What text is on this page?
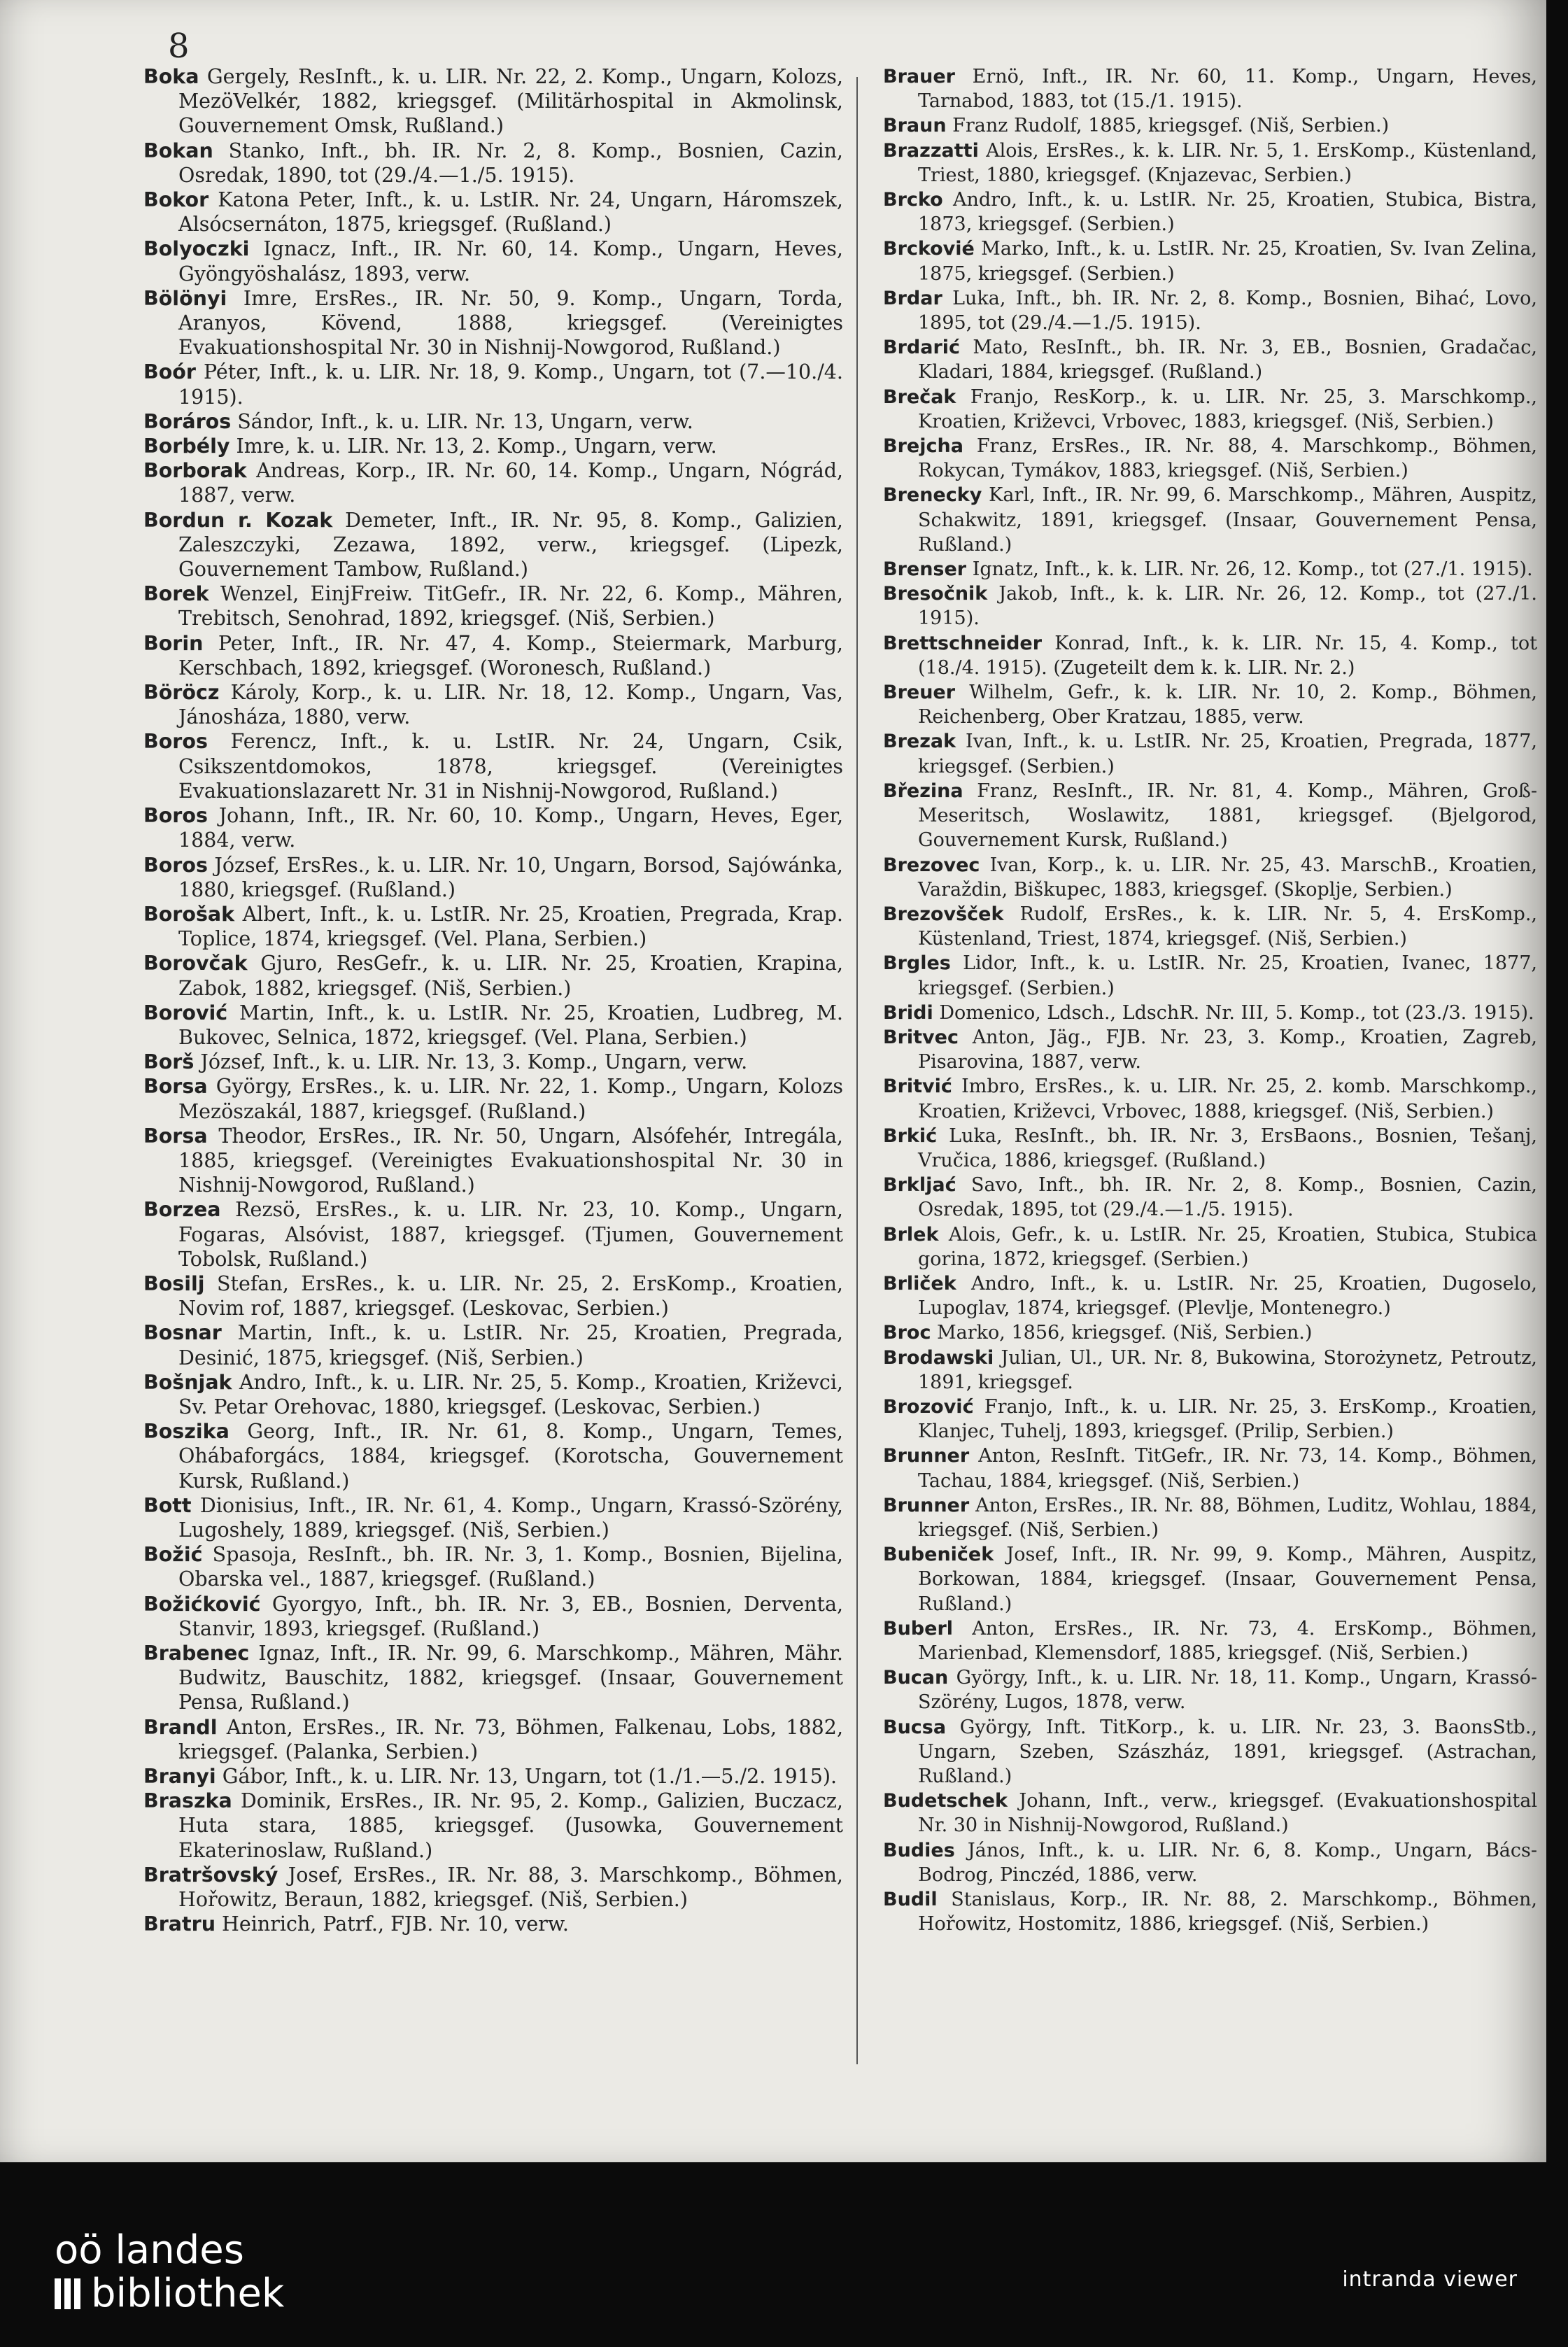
8

Boka Gergely, ResInft., k. u. LIR. Nr. 22, 2. Komp., Ungarn, Kolozs, MezöVelkér, 1882, kriegsgef. (Militärhospital in Akmolinsk, Gouvernement Omsk, Rußland.)

Bokan Stanko, Inft., bh. IR. Nr. 2, 8. Komp., Bosnien, Cazin, Osredak, 1890, tot (29./4.—1./5. 1915).

Bokor Katona Peter, Inft., k. u. LstIR. Nr. 24, Ungarn, Háromszek, Alsócsernáton, 1875, kriegsgef. (Rußland.)

Bolyoczki Ignacz, Inft., IR. Nr. 60, 14. Komp., Ungarn, Heves, Gyöngyöshalász, 1893, verw.

Bölönyi Imre, ErsRes., IR. Nr. 50, 9. Komp., Ungarn, Torda, Aranyos, Kövend, 1888, kriegsgef. (Vereinigtes Evakuationshospital Nr. 30 in Nishnij-Nowgorod, Rußland.)

Boór Péter, Inft., k. u. LIR. Nr. 18, 9. Komp., Ungarn, tot (7.—10./4. 1915).

Boráros Sándor, Inft., k. u. LIR. Nr. 13, Ungarn, verw.

Borbély Imre, k. u. LIR. Nr. 13, 2. Komp., Ungarn, verw.

Borborak Andreas, Korp., IR. Nr. 60, 14. Komp., Ungarn, Nógrád, 1887, verw.

Bordun r. Kozak Demeter, Inft., IR. Nr. 95, 8. Komp., Galizien, Zaleszczyki, Zezawa, 1892, verw., kriegsgef. (Lipezk, Gouvernement Tambow, Rußland.)

Borek Wenzel, EinjFreiw. TitGefr., IR. Nr. 22, 6. Komp., Mähren, Trebitsch, Senohrad, 1892, kriegsgef. (Niš, Serbien.)

Borin Peter, Inft., IR. Nr. 47, 4. Komp., Steiermark, Marburg, Kerschbach, 1892, kriegsgef. (Woronesch, Rußland.)

Böröcz Károly, Korp., k. u. LIR. Nr. 18, 12. Komp., Ungarn, Vas, Jánosháza, 1880, verw.

Boros Ferencz, Inft., k. u. LstIR. Nr. 24, Ungarn, Csik, Csikszentdomokos, 1878, kriegsgef. (Vereinigtes Evakuationslazarett Nr. 31 in Nishnij-Nowgorod, Rußland.)

Boros Johann, Inft., IR. Nr. 60, 10. Komp., Ungarn, Heves, Eger, 1884, verw.

Boros József, ErsRes., k. u. LIR. Nr. 10, Ungarn, Borsod, Sajówánka, 1880, kriegsgef. (Rußland.)

Borošak Albert, Inft., k. u. LstIR. Nr. 25, Kroatien, Pregrada, Krap. Toplice, 1874, kriegsgef. (Vel. Plana, Serbien.)

Borovčak Gjuro, ResGefr., k. u. LIR. Nr. 25, Kroatien, Krapina, Zabok, 1882, kriegsgef. (Niš, Serbien.)

Borović Martin, Inft., k. u. LstIR. Nr. 25, Kroatien, Ludbreg, M. Bukovec, Selnica, 1872, kriegsgef. (Vel. Plana, Serbien.)

Borš József, Inft., k. u. LIR. Nr. 13, 3. Komp., Ungarn, verw.

Borsa György, ErsRes., k. u. LIR. Nr. 22, 1. Komp., Ungarn, Kolozs Mezöszakál, 1887, kriegsgef. (Rußland.)

Borsa Theodor, ErsRes., IR. Nr. 50, Ungarn, Alsófehér, Intregála, 1885, kriegsgef. (Vereinigtes Evakuationshospital Nr. 30 in Nishnij-Nowgorod, Rußland.)

Borzea Rezsö, ErsRes., k. u. LIR. Nr. 23, 10. Komp., Ungarn, Fogaras, Alsóvist, 1887, kriegsgef. (Tjumen, Gouvernement Tobolsk, Rußland.)

Bosilj Stefan, ErsRes., k. u. LIR. Nr. 25, 2. ErsKomp., Kroatien, Novim rof, 1887, kriegsgef. (Leskovac, Serbien.)

Bosnar Martin, Inft., k. u. LstIR. Nr. 25, Kroatien, Pregrada, Desinić, 1875, kriegsgef. (Niš, Serbien.)

Bošnjak Andro, Inft., k. u. LIR. Nr. 25, 5. Komp., Kroatien, Križevci, Sv. Petar Orehovac, 1880, kriegsgef. (Leskovac, Serbien.)

Boszika Georg, Inft., IR. Nr. 61, 8. Komp., Ungarn, Temes, Ohábaforgács, 1884, kriegsgef. (Korotscha, Gouvernement Kursk, Rußland.)

Bott Dionisius, Inft., IR. Nr. 61, 4. Komp., Ungarn, Krassó-Szörény, Lugoshely, 1889, kriegsgef. (Niš, Serbien.)

Božić Spasoja, ResInft., bh. IR. Nr. 3, 1. Komp., Bosnien, Bijelina, Obarska vel., 1887, kriegsgef. (Rußland.)

Božićković Gyorgyo, Inft., bh. IR. Nr. 3, EB., Bosnien, Derventa, Stanvir, 1893, kriegsgef. (Rußland.)

Brabenec Ignaz, Inft., IR. Nr. 99, 6. Marschkomp., Mähren, Mähr. Budwitz, Bauschitz, 1882, kriegsgef. (Insaar, Gouvernement Pensa, Rußland.)

Brandl Anton, ErsRes., IR. Nr. 73, Böhmen, Falkenau, Lobs, 1882, kriegsgef. (Palanka, Serbien.)

Branyi Gábor, Inft., k. u. LIR. Nr. 13, Ungarn, tot (1./1.—5./2. 1915).

Braszka Dominik, ErsRes., IR. Nr. 95, 2. Komp., Galizien, Buczacz, Huta stara, 1885, kriegsgef. (Jusowka, Gouvernement Ekaterinoslaw, Rußland.)

Bratršovský Josef, ErsRes., IR. Nr. 88, 3. Marschkomp., Böhmen, Hořowitz, Beraun, 1882, kriegsgef. (Niš, Serbien.)

Bratru Heinrich, Patrf., FJB. Nr. 10, verw.

Brauer Ernö, Inft., IR. Nr. 60, 11. Komp., Ungarn, Heves, Tarnabod, 1883, tot (15./1. 1915).

Braun Franz Rudolf, 1885, kriegsgef. (Niš, Serbien.)

Brazzatti Alois, ErsRes., k. k. LIR. Nr. 5, 1. ErsKomp., Küstenland, Triest, 1880, kriegsgef. (Knjazevac, Serbien.)

Brcko Andro, Inft., k. u. LstIR. Nr. 25, Kroatien, Stubica, Bistra, 1873, kriegsgef. (Serbien.)

Brckovié Marko, Inft., k. u. LstIR. Nr. 25, Kroatien, Sv. Ivan Zelina, 1875, kriegsgef. (Serbien.)

Brdar Luka, Inft., bh. IR. Nr. 2, 8. Komp., Bosnien, Bihać, Lovo, 1895, tot (29./4.—1./5. 1915).

Brdarić Mato, ResInft., bh. IR. Nr. 3, EB., Bosnien, Gradačac, Kladari, 1884, kriegsgef. (Rußland.)

Brečak Franjo, ResKorp., k. u. LIR. Nr. 25, 3. Marschkomp., Kroatien, Križevci, Vrbovec, 1883, kriegsgef. (Niš, Serbien.)

Brejcha Franz, ErsRes., IR. Nr. 88, 4. Marschkomp., Böhmen, Rokycan, Tymákov, 1883, kriegsgef. (Niš, Serbien.)

Brenecky Karl, Inft., IR. Nr. 99, 6. Marschkomp., Mähren, Auspitz, Schakwitz, 1891, kriegsgef. (Insaar, Gouvernement Pensa, Rußland.)

Brenser Ignatz, Inft., k. k. LIR. Nr. 26, 12. Komp., tot (27./1. 1915).

Bresočnik Jakob, Inft., k. k. LIR. Nr. 26, 12. Komp., tot (27./1. 1915).

Brettschneider Konrad, Inft., k. k. LIR. Nr. 15, 4. Komp., tot (18./4. 1915). (Zugeteilt dem k. k. LIR. Nr. 2.)

Breuer Wilhelm, Gefr., k. k. LIR. Nr. 10, 2. Komp., Böhmen, Reichenberg, Ober Kratzau, 1885, verw.

Brezak Ivan, Inft., k. u. LstIR. Nr. 25, Kroatien, Pregrada, 1877, kriegsgef. (Serbien.)

Březina Franz, ResInft., IR. Nr. 81, 4. Komp., Mähren, Groß-Meseritsch, Woslawitz, 1881, kriegsgef. (Bjelgorod, Gouvernement Kursk, Rußland.)

Brezovec Ivan, Korp., k. u. LIR. Nr. 25, 43. MarschB., Kroatien, Varaždin, Biškupec, 1883, kriegsgef. (Skoplje, Serbien.)

Brezovšček Rudolf, ErsRes., k. k. LIR. Nr. 5, 4. ErsKomp., Küstenland, Triest, 1874, kriegsgef. (Niš, Serbien.)

Brgles Lidor, Inft., k. u. LstIR. Nr. 25, Kroatien, Ivanec, 1877, kriegsgef. (Serbien.)

Bridi Domenico, Ldsch., LdschR. Nr. III, 5. Komp., tot (23./3. 1915).

Britvec Anton, Jäg., FJB. Nr. 23, 3. Komp., Kroatien, Zagreb, Pisarovina, 1887, verw.

Britvić Imbro, ErsRes., k. u. LIR. Nr. 25, 2. komb. Marschkomp., Kroatien, Križevci, Vrbovec, 1888, kriegsgef. (Niš, Serbien.)

Brkić Luka, ResInft., bh. IR. Nr. 3, ErsBaons., Bosnien, Tešanj, Vručica, 1886, kriegsgef. (Rußland.)

Brkljać Savo, Inft., bh. IR. Nr. 2, 8. Komp., Bosnien, Cazin, Osredak, 1895, tot (29./4.—1./5. 1915).

Brlek Alois, Gefr., k. u. LstIR. Nr. 25, Kroatien, Stubica, Stubica gorina, 1872, kriegsgef. (Serbien.)

Brliček Andro, Inft., k. u. LstIR. Nr. 25, Kroatien, Dugoselo, Lupoglav, 1874, kriegsgef. (Plevlje, Montenegro.)

Broc Marko, 1856, kriegsgef. (Niš, Serbien.)

Brodawski Julian, Ul., UR. Nr. 8, Bukowina, Storożynetz, Petroutz, 1891, kriegsgef.

Brozović Franjo, Inft., k. u. LIR. Nr. 25, 3. ErsKomp., Kroatien, Klanjec, Tuhelj, 1893, kriegsgef. (Prilip, Serbien.)

Brunner Anton, ResInft. TitGefr., IR. Nr. 73, 14. Komp., Böhmen, Tachau, 1884, kriegsgef. (Niš, Serbien.)

Brunner Anton, ErsRes., IR. Nr. 88, Böhmen, Luditz, Wohlau, 1884, kriegsgef. (Niš, Serbien.)

Bubeniček Josef, Inft., IR. Nr. 99, 9. Komp., Mähren, Auspitz, Borkowan, 1884, kriegsgef. (Insaar, Gouvernement Pensa, Rußland.)

Buberl Anton, ErsRes., IR. Nr. 73, 4. ErsKomp., Böhmen, Marienbad, Klemensdorf, 1885, kriegsgef. (Niš, Serbien.)

Bucan György, Inft., k. u. LIR. Nr. 18, 11. Komp., Ungarn, Krassó-Szörény, Lugos, 1878, verw.

Bucsa György, Inft. TitKorp., k. u. LIR. Nr. 23, 3. BaonsStb., Ungarn, Szeben, Szászház, 1891, kriegsgef. (Astrachan, Rußland.)

Budetschek Johann, Inft., verw., kriegsgef. (Evakuationshospital Nr. 30 in Nishnij-Nowgorod, Rußland.)

Budies János, Inft., k. u. LIR. Nr. 6, 8. Komp., Ungarn, Bács-Bodrog, Pinczéd, 1886, verw.

Budil Stanislaus, Korp., IR. Nr. 88, 2. Marschkomp., Böhmen, Hořowitz, Hostomitz, 1886, kriegsgef. (Niš, Serbien.)

oö landes
bibliothek	intranda viewer
